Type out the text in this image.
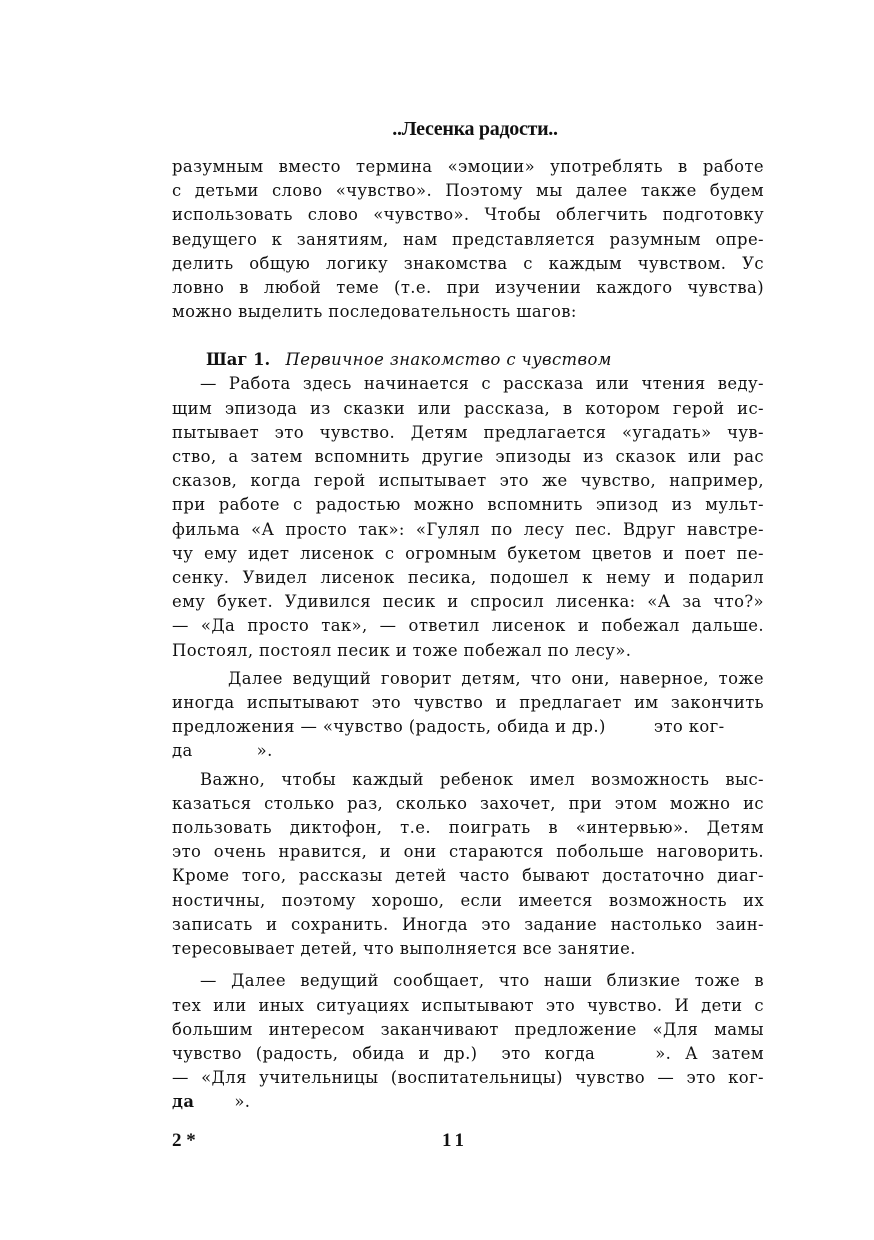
..Лесенка радости..

разумным вместо термина «эмоции» употреблять в работе
с детьми слово «чувство». Поэтому мы далее также будем
использовать слово «чувство». Чтобы облегчить подготовку
ведущего к занятиям, нам представляется разумным опре-
делить общую логику знакомства с каждым чувством. Ус
ловно в любой теме (т.е. при изучении каждого чувства)
можно выделить последовательность шагов:

Шаг 1. Первичное знакомство с чувством

— Работа здесь начинается с рассказа или чтения веду-
щим эпизода из сказки или рассказа, в котором герой ис-
пытывает это чувство. Детям предлагается «угадать» чув-
ство, а затем вспомнить другие эпизоды из сказок или рас
сказов, когда герой испытывает это же чувство, например,
при работе с радостью можно вспомнить эпизод из мульт-
фильма «А просто так»: «Гулял по лесу пес. Вдруг навстре-
чу ему идет лисенок с огромным букетом цветов и поет пе-
сенку. Увидел лисенок песика, подошел к нему и подарил
ему букет. Удивился песик и спросил лисенка: «А за что?»
— «Да просто так», — ответил лисенок и побежал дальше.
Постоял, постоял песик и тоже побежал по лесу».

Далее ведущий говорит детям, что они, наверное, тоже
иногда испытывают это чувство и предлагает им закончить
предложения — «чувство (радость, обида и др.)	это ког-
да	».

Важно, чтобы каждый ребенок имел возможность выс-
казаться столько раз, сколько захочет, при этом можно ис
пользовать диктофон, т.е. поиграть в «интервью». Детям
это очень нравится, и они стараются побольше наговорить.
Кроме того, рассказы детей часто бывают достаточно диаг-
ностичны, поэтому хорошо, если имеется возможность их
записать и сохранить. Иногда это задание настолько заин-
тересовывает детей, что выполняется все занятие.

— Далее ведущий сообщает, что наши близкие тоже в
тех или иных ситуациях испытывают это чувство. И дети с
большим интересом заканчивают предложение «Для мамы
чувство (радость, обида и др.) это когда	». А затем
— «Для учительницы (воспитательницы) чувство — это ког-
да ».

2 *	11
